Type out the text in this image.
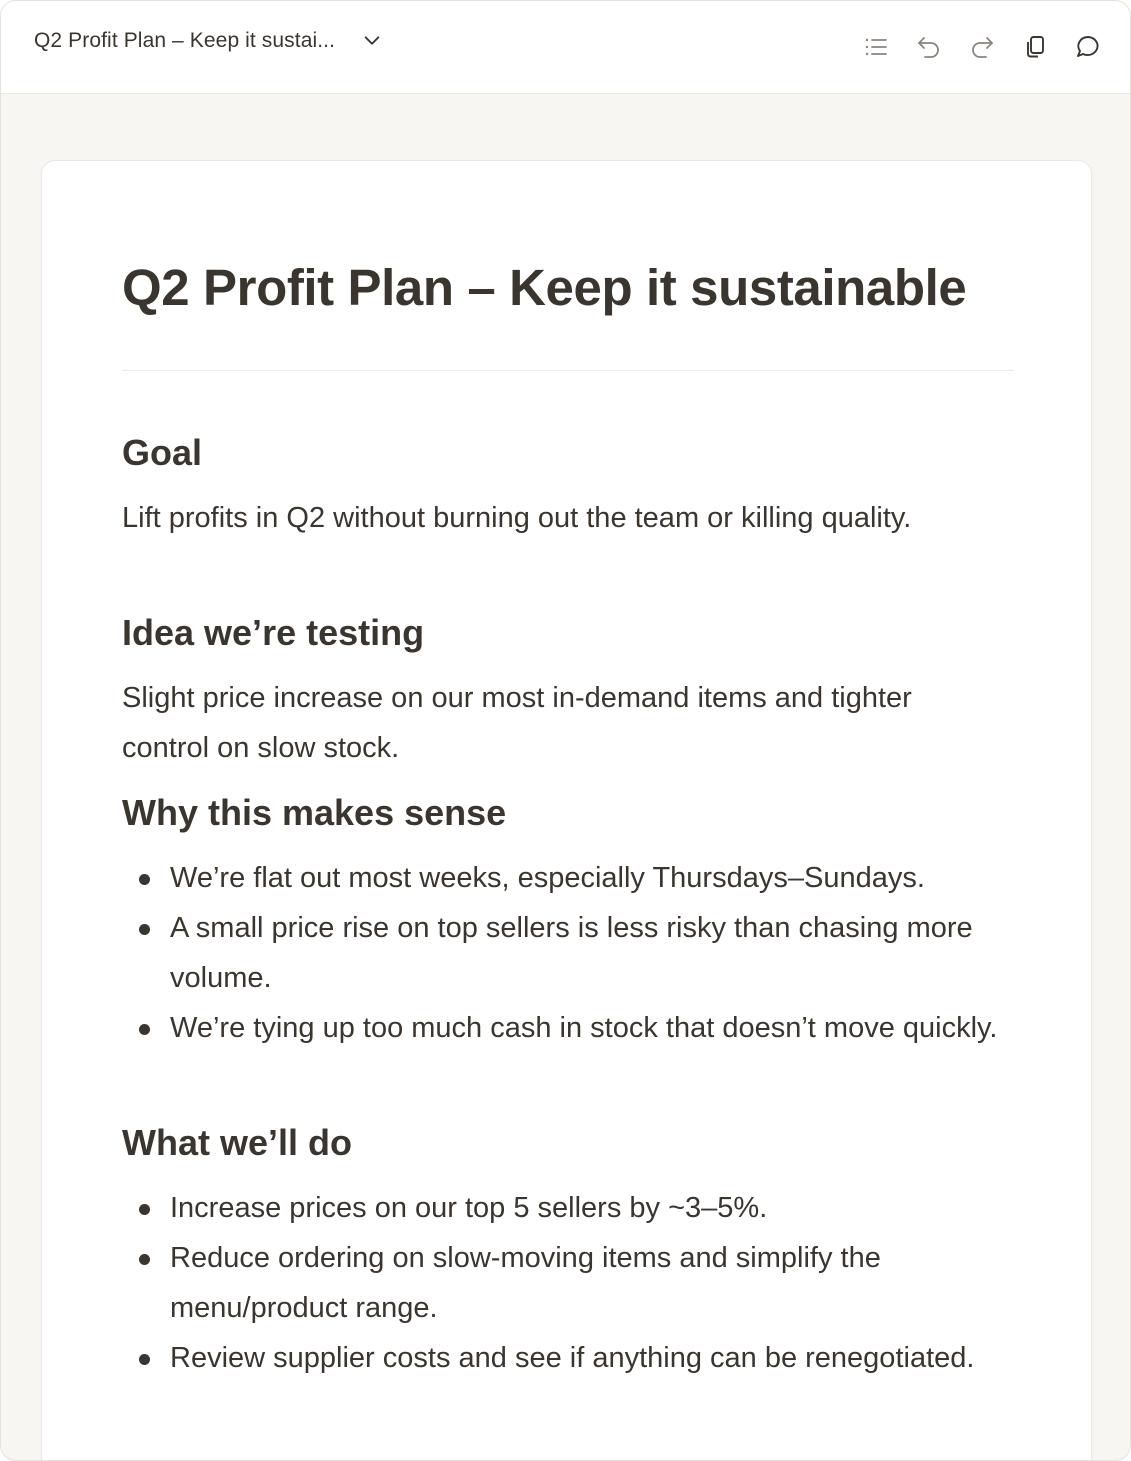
Q2 Profit Plan – Keep it sustai...
Q2 Profit Plan – Keep it sustainable
Goal

Lift profits in Q2 without burning out the team or killing quality.

Idea we’re testing

Slight price increase on our most in-demand items and tighter control on slow stock.

Why this makes sense
We’re flat out most weeks, especially Thursdays–Sundays.
A small price rise on top sellers is less risky than chasing more volume.
We’re tying up too much cash in stock that doesn’t move quickly.
What we’ll do
Increase prices on our top 5 sellers by ~3–5%.
Reduce ordering on slow-moving items and simplify the menu/product range.
Review supplier costs and see if anything can be renegotiated.
